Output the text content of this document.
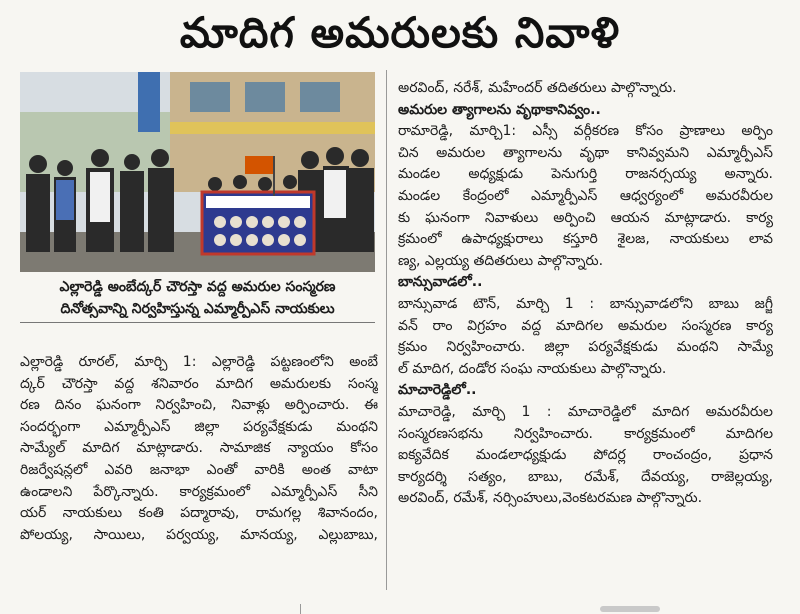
మాదిగ అమరులకు నివాళి
ఎల్లారెడ్డి అంబేద్కర్ చౌరస్తా వద్ద అమరుల సంస్మరణ
దినోత్సవాన్ని నిర్వహిస్తున్న ఎమ్మార్పీఎస్ నాయకులు
ఎల్లారెడ్డి రూరల్, మార్చి 1: ఎల్లారెడ్డి పట్టణంలోని అంబే
ద్కర్ చౌరస్తా వద్ద శనివారం మాదిగ అమరులకు సంస్మ
రణ దినం ఘనంగా నిర్వహించి, నివాళ్లు అర్పించారు. ఈ
సందర్భంగా ఎమ్మార్పీఎస్ జిల్లా పర్యవేక్షకుడు మంథని
సామ్యేల్ మాదిగ మాట్లాడారు. సామాజిక న్యాయం కోసం
రిజర్వేషన్లలో ఎవరి జనాభా ఎంతో వారికి అంత వాటా
ఉండాలని పేర్కొన్నారు. కార్యక్రమంలో ఎమ్మార్పీఎస్ సీని
యర్ నాయకులు కంతి పద్మారావు, రామగల్ల శివానందం,
పోలయ్య, సాయిలు, పర్వయ్య, మానయ్య, ఎల్లుబాబు,
అరవింద్, నరేశ్, మహేందర్ తదితరులు పాల్గొన్నారు.
అమరుల త్యాగాలను వృథాకానివ్వం..
రామారెడ్డి, మార్చి1: ఎస్సీ వర్గీకరణ కోసం ప్రాణాలు అర్పిం
చిన అమరుల త్యాగాలను వృథా కానివ్వమని ఎమ్మార్పీఎస్
మండల అధ్యక్షుడు పెనుగుర్తి రాజనర్సయ్య అన్నారు.
మండల కేంద్రంలో ఎమ్మార్పీఎస్ ఆధ్వర్యంలో అమరవీరుల
కు ఘనంగా నివాళులు అర్పించి ఆయన మాట్లాడారు. కార్య
క్రమంలో ఉపాధ్యక్షురాలు కస్తూరి శైలజ, నాయకులు లావ
ణ్య, ఎల్లయ్య తదితరులు పాల్గొన్నారు.
బాన్సువాడలో..
బాన్సువాడ టౌన్, మార్చి 1 : బాన్సువాడలోని బాబు జగ్జీ
వన్ రాం విగ్రహం వద్ద మాదిగల అమరుల సంస్మరణ కార్య
క్రమం నిర్వహించారు. జిల్లా పర్యవేక్షకుడు మంథని సామ్యే
ల్ మాదిగ, దండోర సంఘ నాయకులు పాల్గొన్నారు.
మాచారెడ్డిలో..
మాచారెడ్డి, మార్చి 1 : మాచారెడ్డిలో మాదిగ అమరవీరుల
సంస్మరణసభను నిర్వహించారు. కార్యక్రమంలో మాదిగల
ఐక్యవేదిక మండలాధ్యక్షుడు పోదర్ల రాంచంద్రం, ప్రధాన
కార్యదర్శి సత్యం, బాబు, రమేశ్, దేవయ్య, రాజెల్లయ్య,
అరవింద్, రమేశ్, నర్సింహులు,వెంకటరమణ పాల్గొన్నారు.
